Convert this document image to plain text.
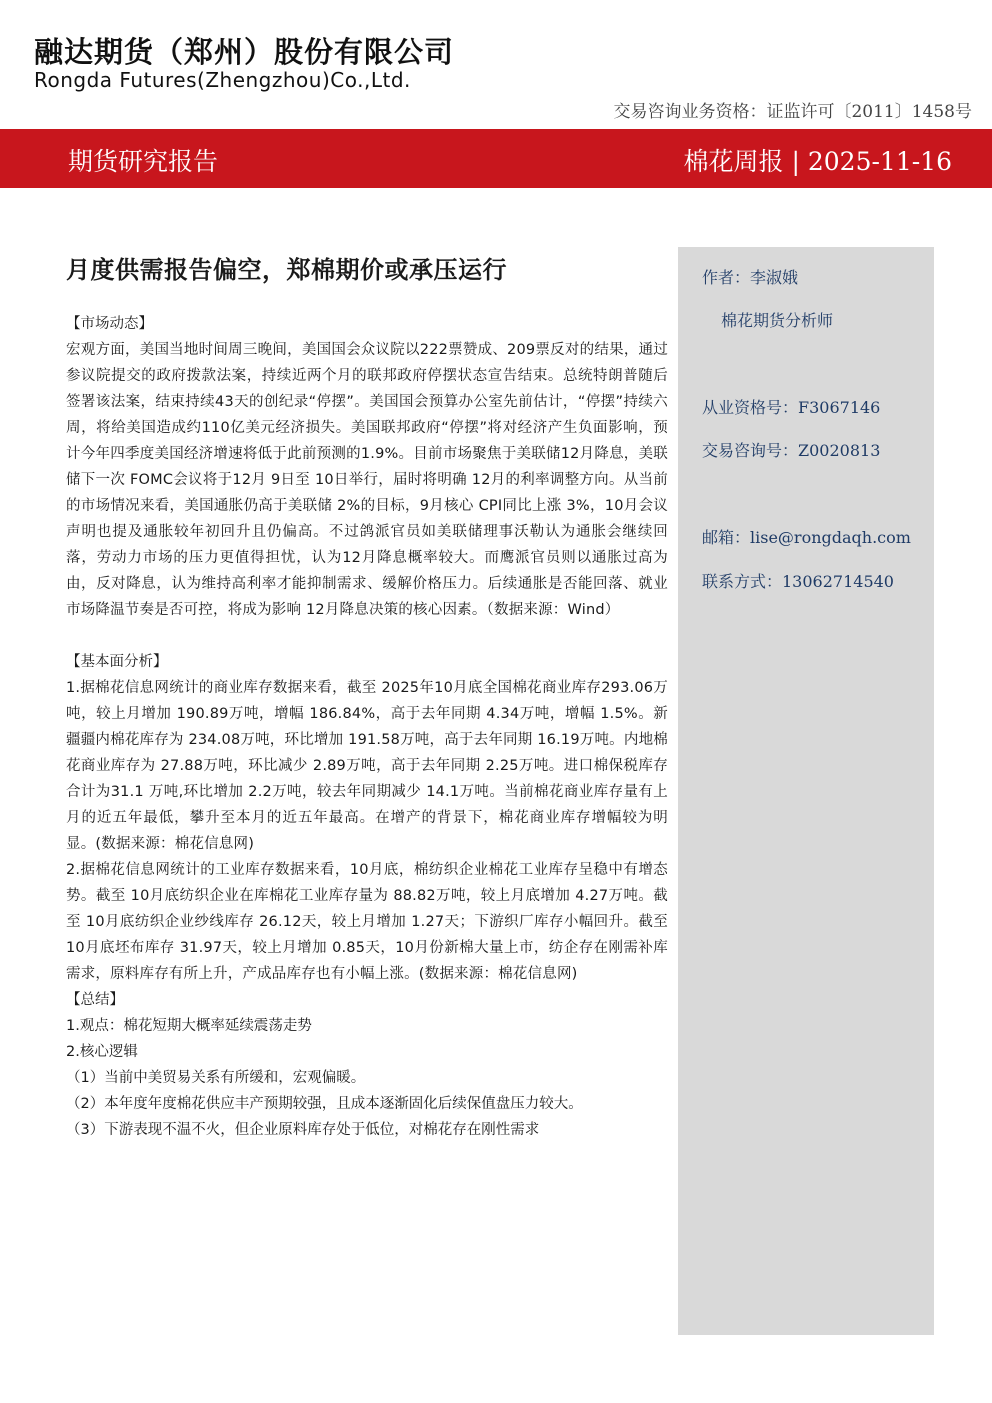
融达期货（郑州）股份有限公司
Rongda Futures(Zhengzhou)Co.,Ltd.
交易咨询业务资格：证监许可〔2011〕1458号
期货研究报告	棉花周报 | 2025-11-16
作者：李淑娥
棉花期货分析师
从业资格号：F3067146
交易咨询号：Z0020813
邮箱：lise@rongdaqh.com
联系方式：13062714540
月度供需报告偏空，郑棉期价或承压运行

【市场动态】

宏观方面，美国当地时间周三晚间，美国国会众议院以222票赞成、209票反对的结果，通过参议院提交的政府拨款法案，持续近两个月的联邦政府停摆状态宣告结束。总统特朗普随后签署该法案，结束持续43天的创纪录“停摆”。美国国会预算办公室先前估计，“停摆”持续六周，将给美国造成约110亿美元经济损失。美国联邦政府“停摆”将对经济产生负面影响，预计今年四季度美国经济增速将低于此前预测的1.9%。目前市场聚焦于美联储12月降息，美联储下一次 FOMC会议将于12月 9日至 10日举行，届时将明确 12月的利率调整方向。从当前的市场情况来看，美国通胀仍高于美联储 2%的目标，9月核心 CPI同比上涨 3%，10月会议声明也提及通胀较年初回升且仍偏高。不过鸽派官员如美联储理事沃勒认为通胀会继续回落，劳动力市场的压力更值得担忧，认为12月降息概率较大。而鹰派官员则以通胀过高为由，反对降息，认为维持高利率才能抑制需求、缓解价格压力。后续通胀是否能回落、就业市场降温节奏是否可控，将成为影响 12月降息决策的核心因素。（数据来源：Wind）

【基本面分析】

1.据棉花信息网统计的商业库存数据来看，截至 2025年10月底全国棉花商业库存293.06万吨，较上月增加 190.89万吨，增幅 186.84%，高于去年同期 4.34万吨，增幅 1.5%。新疆疆内棉花库存为 234.08万吨，环比增加 191.58万吨，高于去年同期 16.19万吨。内地棉花商业库存为 27.88万吨，环比减少 2.89万吨，高于去年同期 2.25万吨。进口棉保税库存合计为31.1 万吨,环比增加 2.2万吨，较去年同期减少 14.1万吨。当前棉花商业库存量有上月的近五年最低，攀升至本月的近五年最高。在增产的背景下，棉花商业库存增幅较为明显。(数据来源：棉花信息网)

2.据棉花信息网统计的工业库存数据来看，10月底，棉纺织企业棉花工业库存呈稳中有增态势。截至 10月底纺织企业在库棉花工业库存量为 88.82万吨，较上月底增加 4.27万吨。截至 10月底纺织企业纱线库存 26.12天，较上月增加 1.27天；下游织厂库存小幅回升。截至 10月底坯布库存 31.97天，较上月增加 0.85天，10月份新棉大量上市，纺企存在刚需补库需求，原料库存有所上升，产成品库存也有小幅上涨。(数据来源：棉花信息网)

【总结】

1.观点：棉花短期大概率延续震荡走势

2.核心逻辑

（1）当前中美贸易关系有所缓和，宏观偏暖。

（2）本年度年度棉花供应丰产预期较强，且成本逐渐固化后续保值盘压力较大。

（3）下游表现不温不火，但企业原料库存处于低位，对棉花存在刚性需求
